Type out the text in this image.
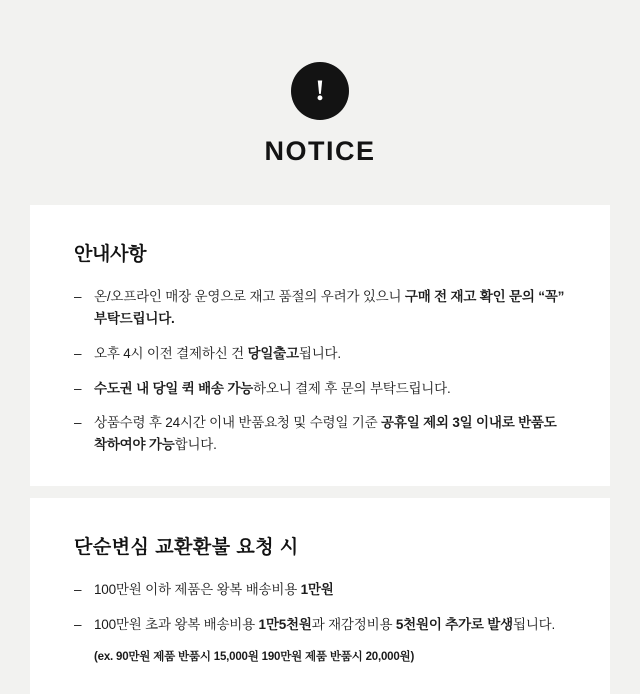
!
NOTICE
안내사항
– 온/오프라인 매장 운영으로 재고 품절의 우려가 있으니 구매 전 재고 확인 문의 “꼭” 부탁드립니다.
– 오후 4시 이전 결제하신 건 당일출고됩니다.
– 수도권 내 당일 퀵 배송 가능하오니 결제 후 문의 부탁드립니다.
– 상품수령 후 24시간 이내 반품요청 및 수령일 기준 공휴일 제외 3일 이내로 반품도착하여야 가능합니다.
단순변심 교환환불 요청 시
– 100만원 이하 제품은 왕복 배송비용 1만원
– 100만원 초과 왕복 배송비용 1만5천원과 재감정비용 5천원이 추가로 발생됩니다.
(ex. 90만원 제품 반품시 15,000원 190만원 제품 반품시 20,000원)
